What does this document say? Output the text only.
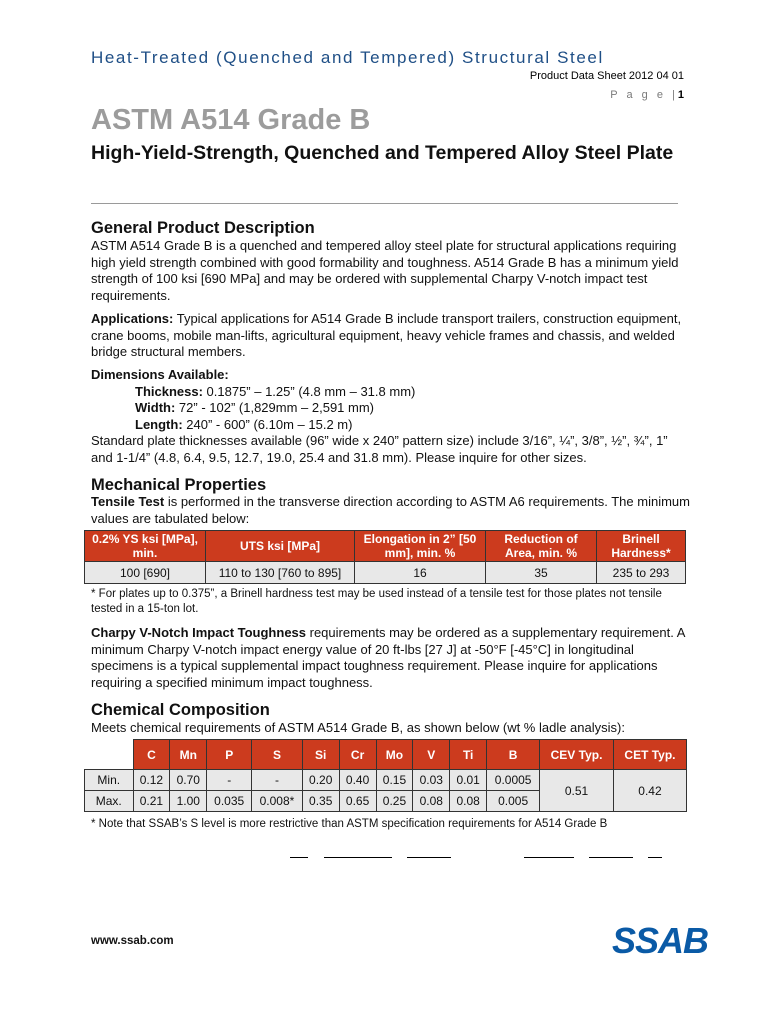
Heat-Treated (Quenched and Tempered) Structural Steel
Product Data Sheet 2012 04 01
P a g e |1
ASTM A514 Grade B
High-Yield-Strength, Quenched and Tempered Alloy Steel Plate
General Product Description
ASTM A514 Grade B is a quenched and tempered alloy steel plate for structural applications requiring high yield strength combined with good formability and toughness. A514 Grade B has a minimum yield strength of 100 ksi [690 MPa] and may be ordered with supplemental Charpy V-notch impact test requirements.
Applications: Typical applications for A514 Grade B include transport trailers, construction equipment, crane booms, mobile man-lifts, agricultural equipment, heavy vehicle frames and chassis, and welded bridge structural members.
Dimensions Available:
Thickness: 0.1875” – 1.25” (4.8 mm – 31.8 mm)
Width: 72” - 102” (1,829mm – 2,591 mm)
Length: 240” - 600” (6.10m – 15.2 m)
Standard plate thicknesses available (96” wide x 240” pattern size) include 3/16”, ¼”, 3/8”, ½”, ¾”, 1” and 1-1/4” (4.8, 6.4, 9.5, 12.7, 19.0, 25.4 and 31.8 mm). Please inquire for other sizes.
Mechanical Properties
Tensile Test is performed in the transverse direction according to ASTM A6 requirements. The minimum values are tabulated below:
0.2% YS ksi [MPa], min.	UTS ksi [MPa]	Elongation in 2” [50 mm], min. %	Reduction of Area, min. %	Brinell Hardness*
100 [690]	110 to 130 [760 to 895]	16	35	235 to 293
* For plates up to 0.375”, a Brinell hardness test may be used instead of a tensile test for those plates not tensile tested in a 15-ton lot.
Charpy V-Notch Impact Toughness requirements may be ordered as a supplementary requirement. A minimum Charpy V-notch impact energy value of 20 ft-lbs [27 J] at -50°F [-45°C] in longitudinal specimens is a typical supplemental impact toughness requirement. Please inquire for applications requiring a specified minimum impact toughness.
Chemical Composition
Meets chemical requirements of ASTM A514 Grade B, as shown below (wt % ladle analysis):
	C	Mn	P	S	Si	Cr	Mo	V	Ti	B	CEV Typ.	CET Typ.
Min.	0.12	0.70	-	-	0.20	0.40	0.15	0.03	0.01	0.0005	0.51	0.42
Max.	0.21	1.00	0.035	0.008*	0.35	0.65	0.25	0.08	0.08	0.005		
* Note that SSAB’s S level is more restrictive than ASTM specification requirements for A514 Grade B
www.ssab.com	SSAB
